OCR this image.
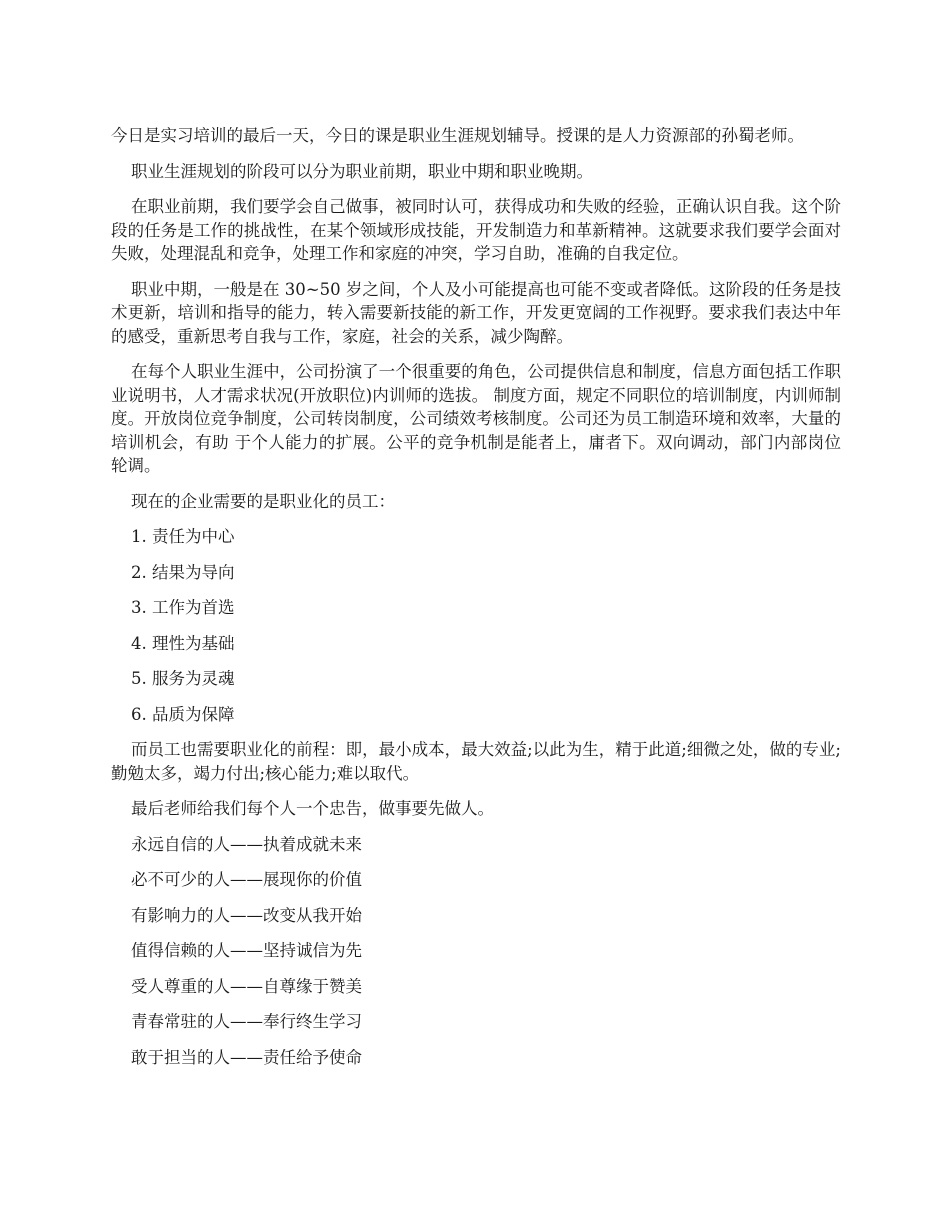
今日是实习培训的最后一天，今日的课是职业生涯规划辅导。授课的是人力资源部的孙蜀老师。

职业生涯规划的阶段可以分为职业前期，职业中期和职业晚期。

在职业前期，我们要学会自己做事，被同时认可，获得成功和失败的经验，正确认识自我。这个阶段的任务是工作的挑战性，在某个领域形成技能，开发制造力和革新精神。这就要求我们要学会面对失败，处理混乱和竞争，处理工作和家庭的冲突，学习自助，准确的自我定位。

职业中期，一般是在 30~50 岁之间，个人及小可能提高也可能不变或者降低。这阶段的任务是技术更新，培训和指导的能力，转入需要新技能的新工作，开发更宽阔的工作视野。要求我们表达中年的感受，重新思考自我与工作，家庭，社会的关系，减少陶醉。

在每个人职业生涯中，公司扮演了一个很重要的角色，公司提供信息和制度，信息方面包括工作职业说明书，人才需求状况(开放职位)内训师的选拔。 制度方面，规定不同职位的培训制度，内训师制度。开放岗位竞争制度，公司转岗制度，公司绩效考核制度。公司还为员工制造环境和效率，大量的培训机会，有助 于个人能力的扩展。公平的竞争机制是能者上，庸者下。双向调动，部门内部岗位轮调。

现在的企业需要的是职业化的员工：

1. 责任为中心

2. 结果为导向

3. 工作为首选

4. 理性为基础

5. 服务为灵魂

6. 品质为保障

而员工也需要职业化的前程：即，最小成本，最大效益;以此为生，精于此道;细微之处，做的专业;勤勉太多，竭力付出;核心能力;难以取代。

最后老师给我们每个人一个忠告，做事要先做人。

永远自信的人——执着成就未来

必不可少的人——展现你的价值

有影响力的人——改变从我开始

值得信赖的人——坚持诚信为先

受人尊重的人——自尊缘于赞美

青春常驻的人——奉行终生学习

敢于担当的人——责任给予使命
